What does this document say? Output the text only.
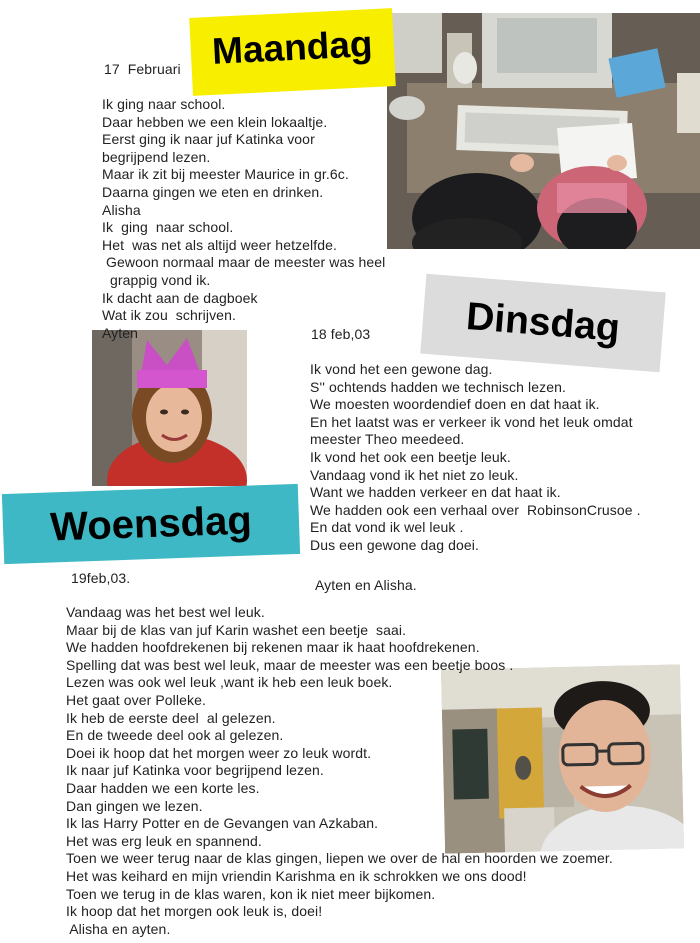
Maandag
Dinsdag
Woensdag
17  Februari
Ik ging naar school.
Daar hebben we een klein lokaaltje.
Eerst ging ik naar juf Katinka voor
begrijpend lezen.
Maar ik zit bij meester Maurice in gr.6c.
Daarna gingen we eten en drinken.
Alisha
Ik  ging  naar school.
Het  was net als altijd weer hetzelfde.
Gewoon normaal maar de meester was heel
grappig vond ik.
Ik dacht aan de dagboek
Wat ik zou  schrijven.
Ayten	18 feb,03
Ik vond het een gewone dag.
S'' ochtends hadden we technisch lezen.
We moesten woordendief doen en dat haat ik.
En het laatst was er verkeer ik vond het leuk omdat
meester Theo meedeed.
Ik vond het ook een beetje leuk.
Vandaag vond ik het niet zo leuk.
Want we hadden verkeer en dat haat ik.
We hadden ook een verhaal over  RobinsonCrusoe .
En dat vond ik wel leuk .
Dus een gewone dag doei.
Ayten en Alisha.
19feb,03.
Vandaag was het best wel leuk.
Maar bij de klas van juf Karin washet een beetje  saai.
We hadden hoofdrekenen bij rekenen maar ik haat hoofdrekenen.
Spelling dat was best wel leuk, maar de meester was een beetje boos .
Lezen was ook wel leuk ,want ik heb een leuk boek.
Het gaat over Polleke.
Ik heb de eerste deel  al gelezen.
En de tweede deel ook al gelezen.
Doei ik hoop dat het morgen weer zo leuk wordt.
Ik naar juf Katinka voor begrijpend lezen.
Daar hadden we een korte les.
Dan gingen we lezen.
Ik las Harry Potter en de Gevangen van Azkaban.
Het was erg leuk en spannend.
Toen we weer terug naar de klas gingen, liepen we over de hal en hoorden we zoemer.
Het was keihard en mijn vriendin Karishma en ik schrokken we ons dood!
Toen we terug in de klas waren, kon ik niet meer bijkomen.
Ik hoop dat het morgen ook leuk is, doei!
Alisha en ayten.
